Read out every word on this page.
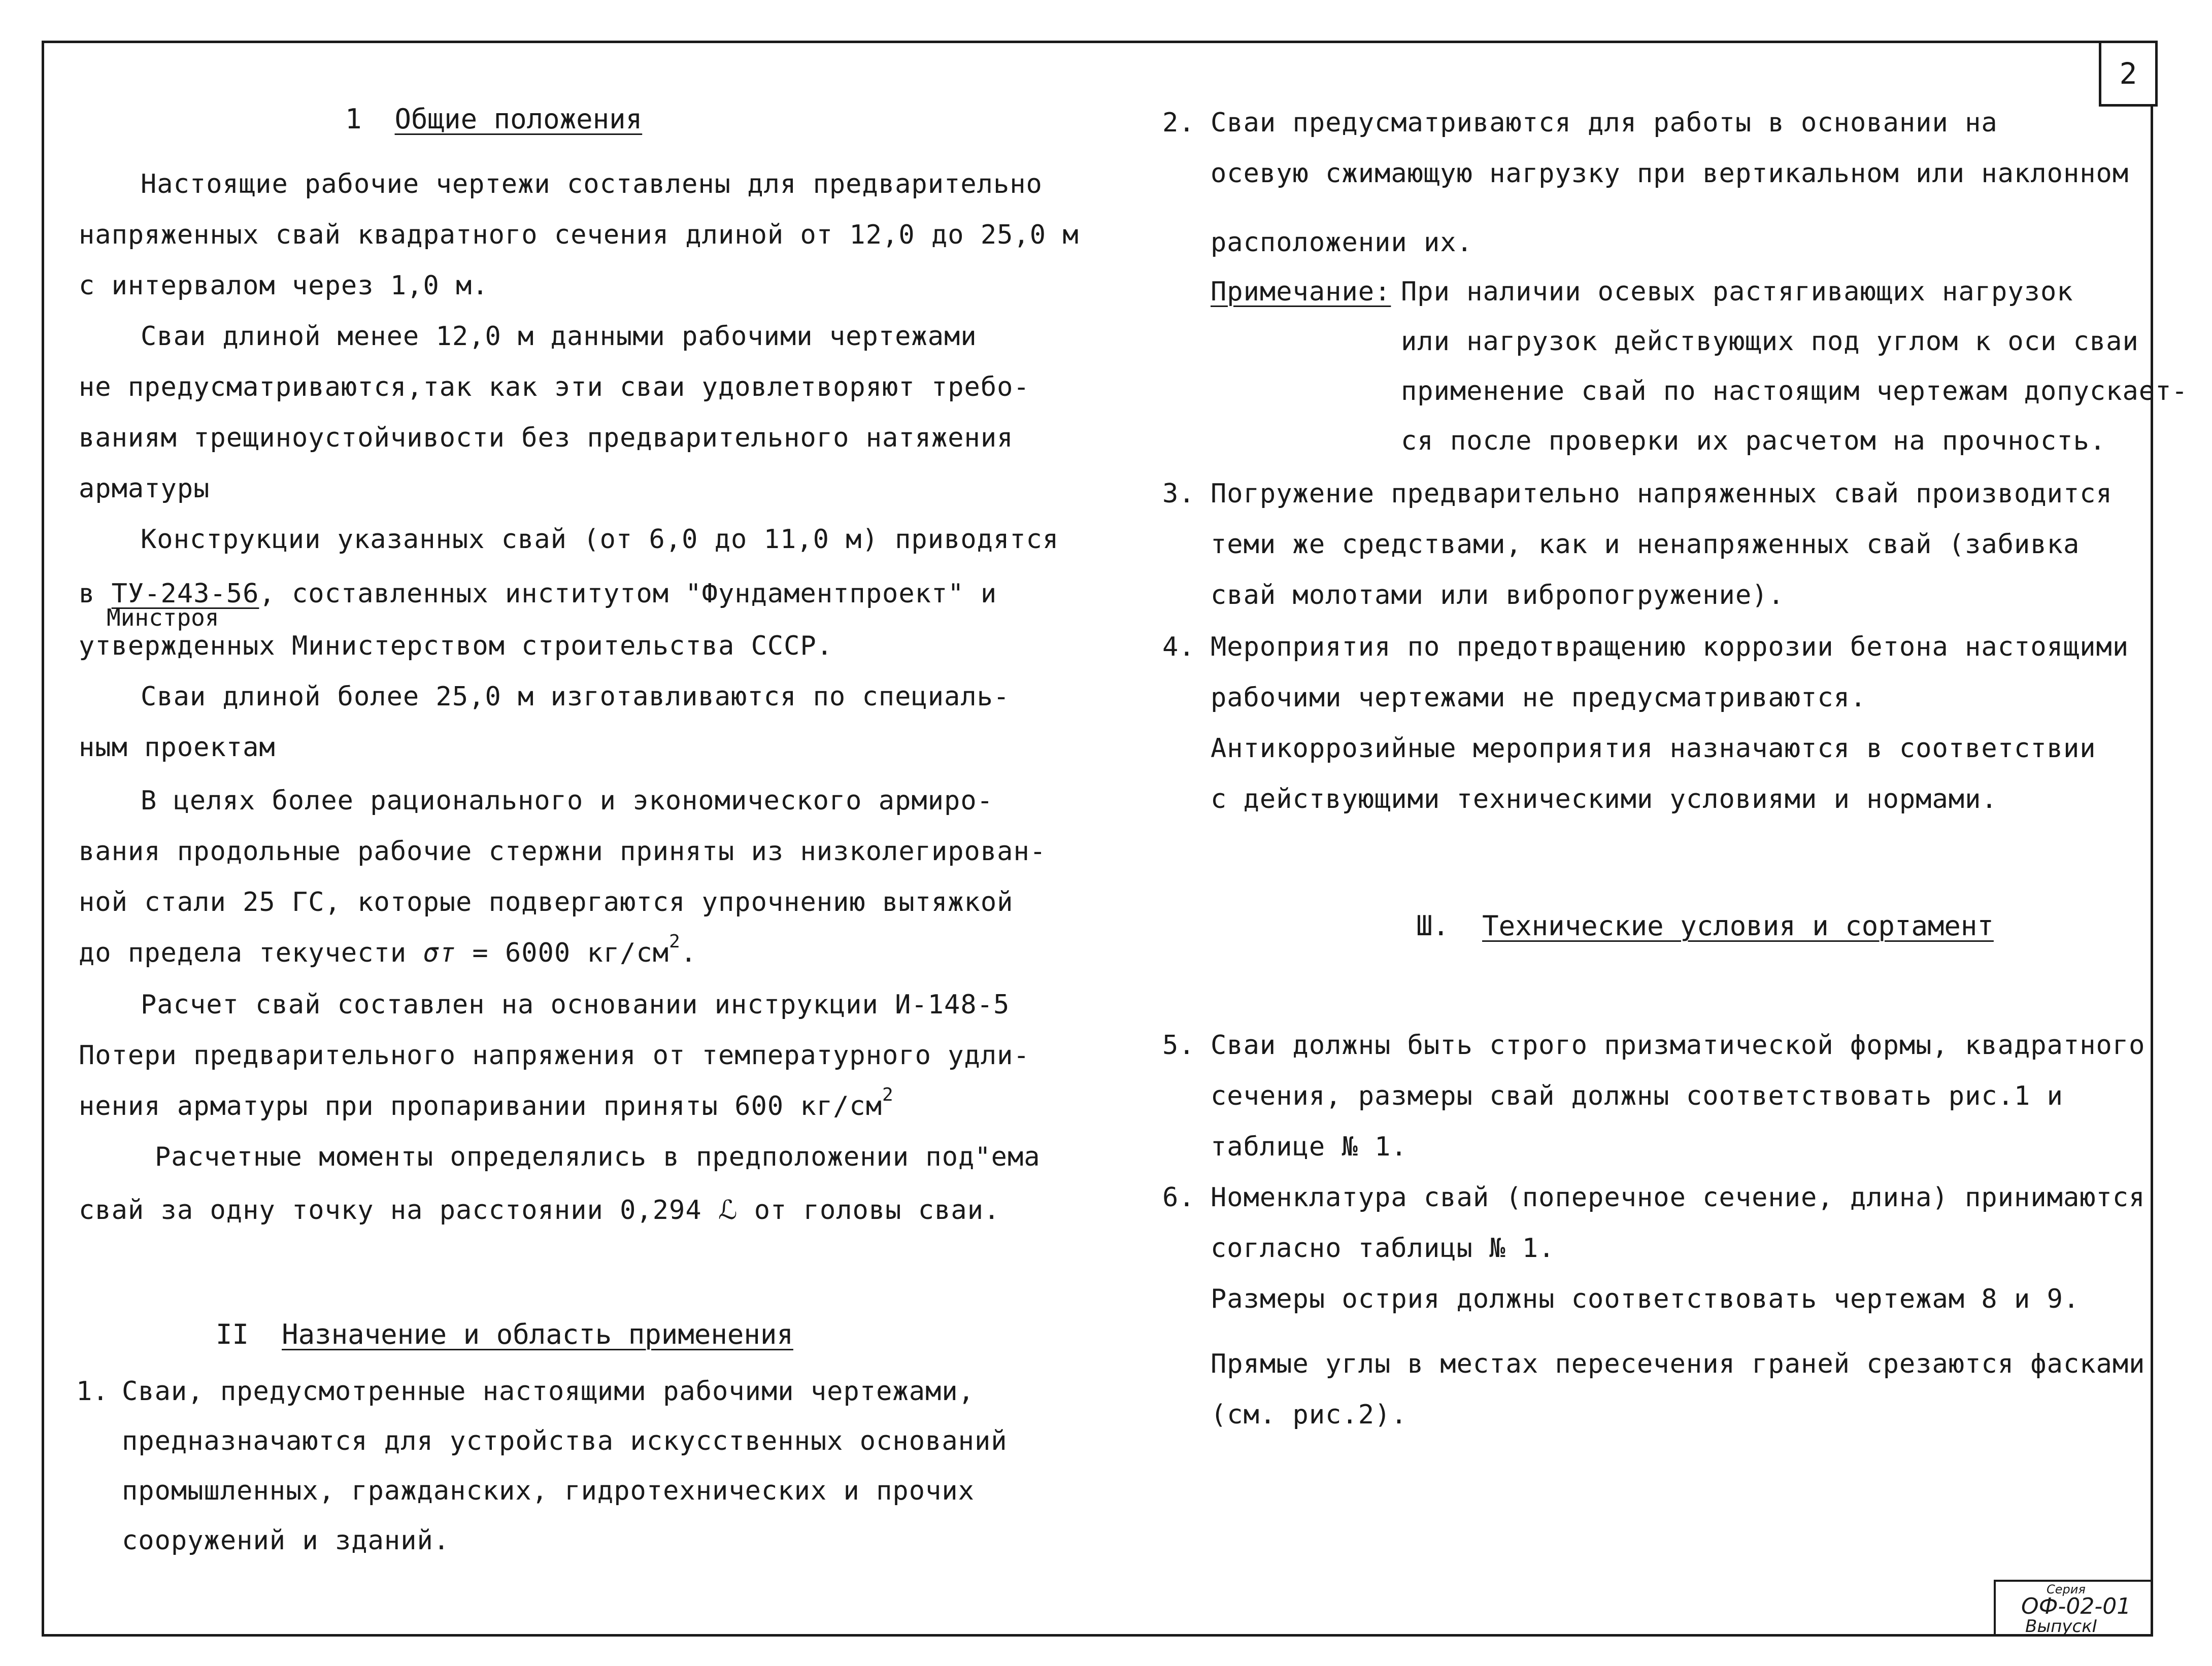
2
1 Общие положения
Настоящие рабочие чертежи составлены для предварительно
напряженных свай квадратного сечения длиной от 12,0 до 25,0 м
с интервалом через 1,0 м.
Сваи длиной менее 12,0 м данными рабочими чертежами
не предусматриваются,так как эти сваи удовлетворяют требо-
ваниям трещиноустойчивости без предварительного натяжения
арматуры
Конструкции указанных свай (от 6,0 до 11,0 м) приводятся
в ТУ-243-56, составленных институтом "Фундаментпроект" и
Минстроя
утвержденных Министерством строительства СССР.
Сваи длиной более 25,0 м изготавливаются по специаль-
ным проектам
В целях более рационального и экономического армиро-
вания продольные рабочие стержни приняты из низколегирован-
ной стали 25 ГС, которые подвергаются упрочнению вытяжкой
до предела текучести σт = 6000 $кг/см^2$.
Расчет свай составлен на основании инструкции И-148-5
Потери предварительного напряжения от температурного удли-
нения арматуры при пропаривании приняты 600 $кг/см^2$
Расчетные моменты определялись в предположении под"ема
свай за одну точку на расстоянии 0,294 ℒ от головы сваи.
II Назначение и область применения
1. Сваи, предусмотренные настоящими рабочими чертежами,
предназначаются для устройства искусственных оснований
промышленных, гражданских, гидротехнических и прочих
сооружений и зданий.
2. Сваи предусматриваются для работы в основании на
осевую сжимающую нагрузку при вертикальном или наклонном
расположении их.
Примечание: При наличии осевых растягивающих нагрузок
или нагрузок действующих под углом к оси сваи
применение свай по настоящим чертежам допускает-
ся после проверки их расчетом на прочность.
3. Погружение предварительно напряженных свай производится
теми же средствами, как и ненапряженных свай (забивка
свай молотами или вибропогружение).
4. Мероприятия по предотвращению коррозии бетона настоящими
рабочими чертежами не предусматриваются.
Антикоррозийные мероприятия назначаются в соответствии
с действующими техническими условиями и нормами.
Ш. Технические условия и сортамент
5. Сваи должны быть строго призматической формы, квадратного
сечения, размеры свай должны соответствовать рис.1 и
таблице № 1.
6. Номенклатура свай (поперечное сечение, длина) принимаются
согласно таблицы № 1.
Размеры острия должны соответствовать чертежам 8 и 9.
Прямые углы в местах пересечения граней срезаются фасками
(см. рис.2).
Серия
ОФ-02-01
ВыпускI
